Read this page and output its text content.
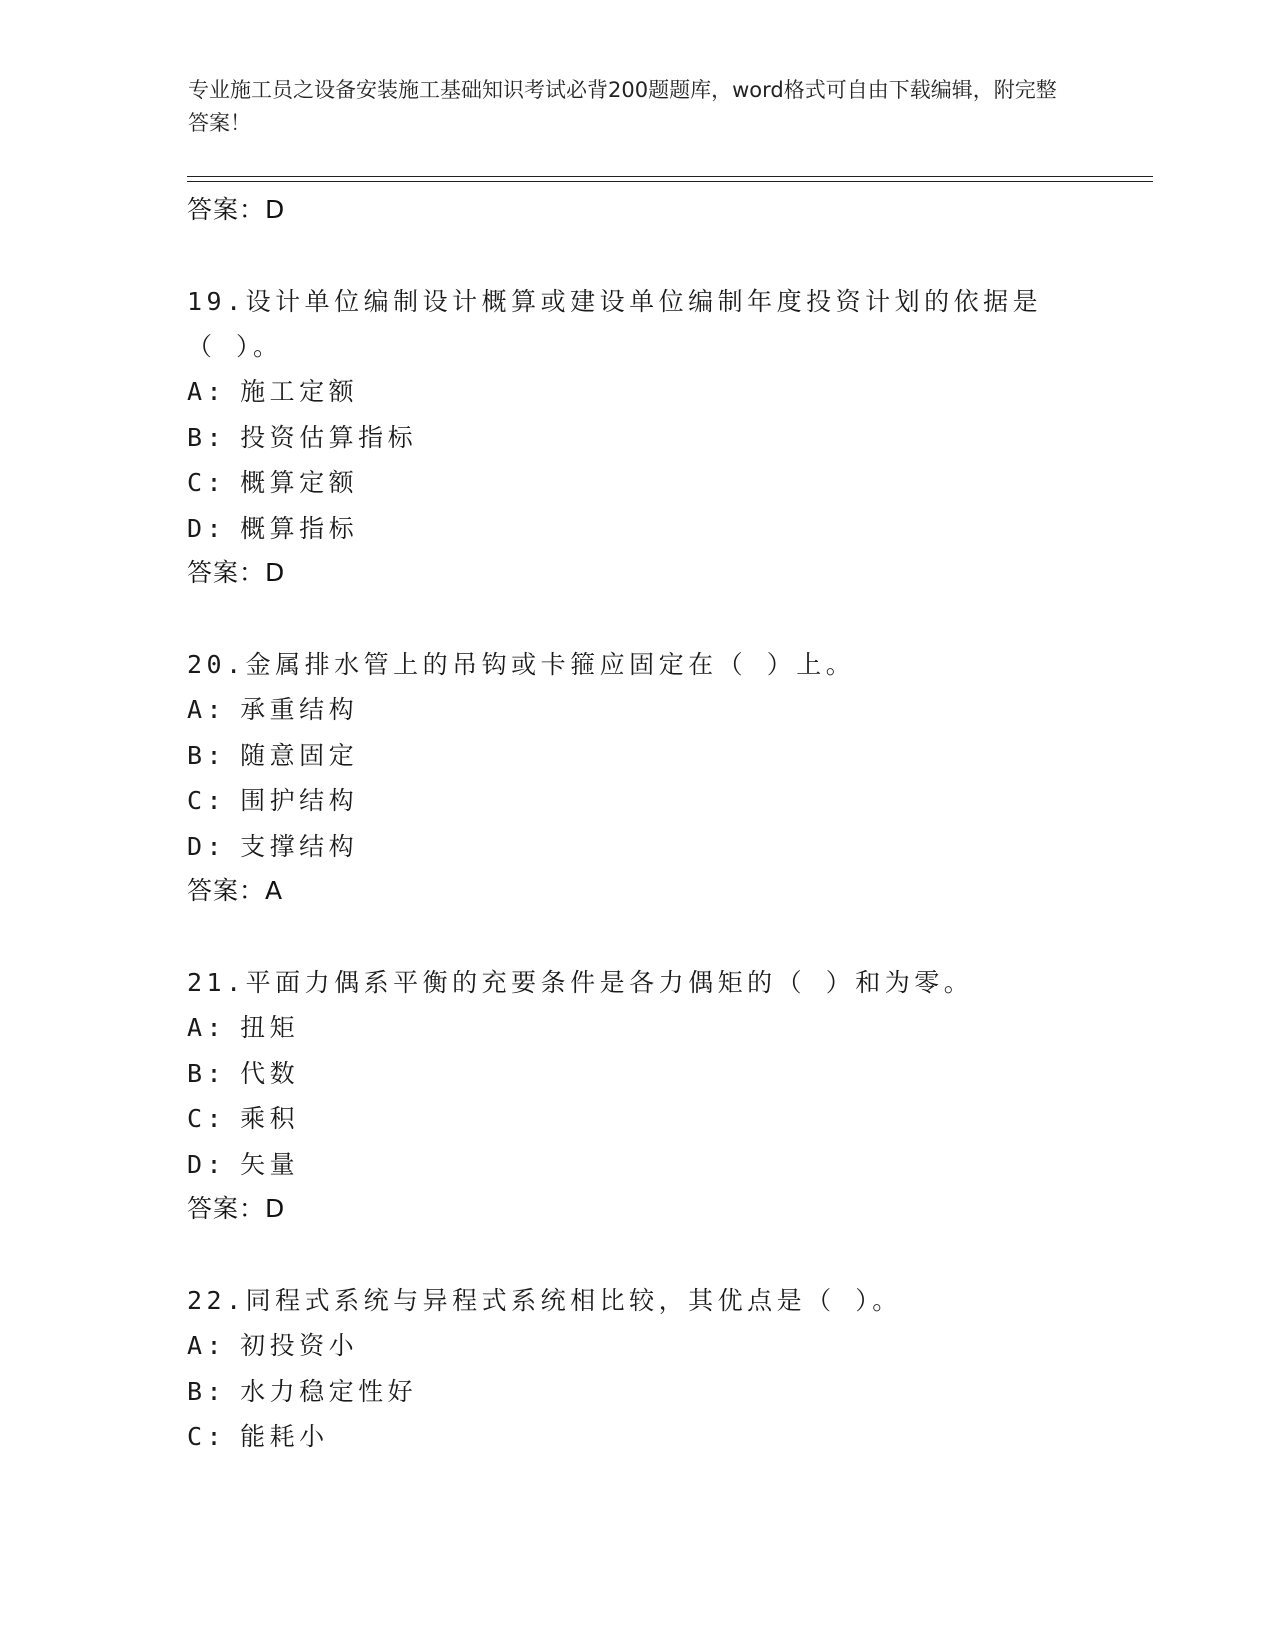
专业施工员之设备安装施工基础知识考试必背200题题库，word格式可自由下载编辑，附完整答案！
答案：D
19.设计单位编制设计概算或建设单位编制年度投资计划的依据是（ ）。
A: 施工定额
B: 投资估算指标
C: 概算定额
D: 概算指标
答案：D
20.金属排水管上的吊钩或卡箍应固定在（ ）上。
A: 承重结构
B: 随意固定
C: 围护结构
D: 支撑结构
答案：A
21.平面力偶系平衡的充要条件是各力偶矩的（ ）和为零。
A: 扭矩
B: 代数
C: 乘积
D: 矢量
答案：D
22.同程式系统与异程式系统相比较，其优点是（ ）。
A: 初投资小
B: 水力稳定性好
C: 能耗小
